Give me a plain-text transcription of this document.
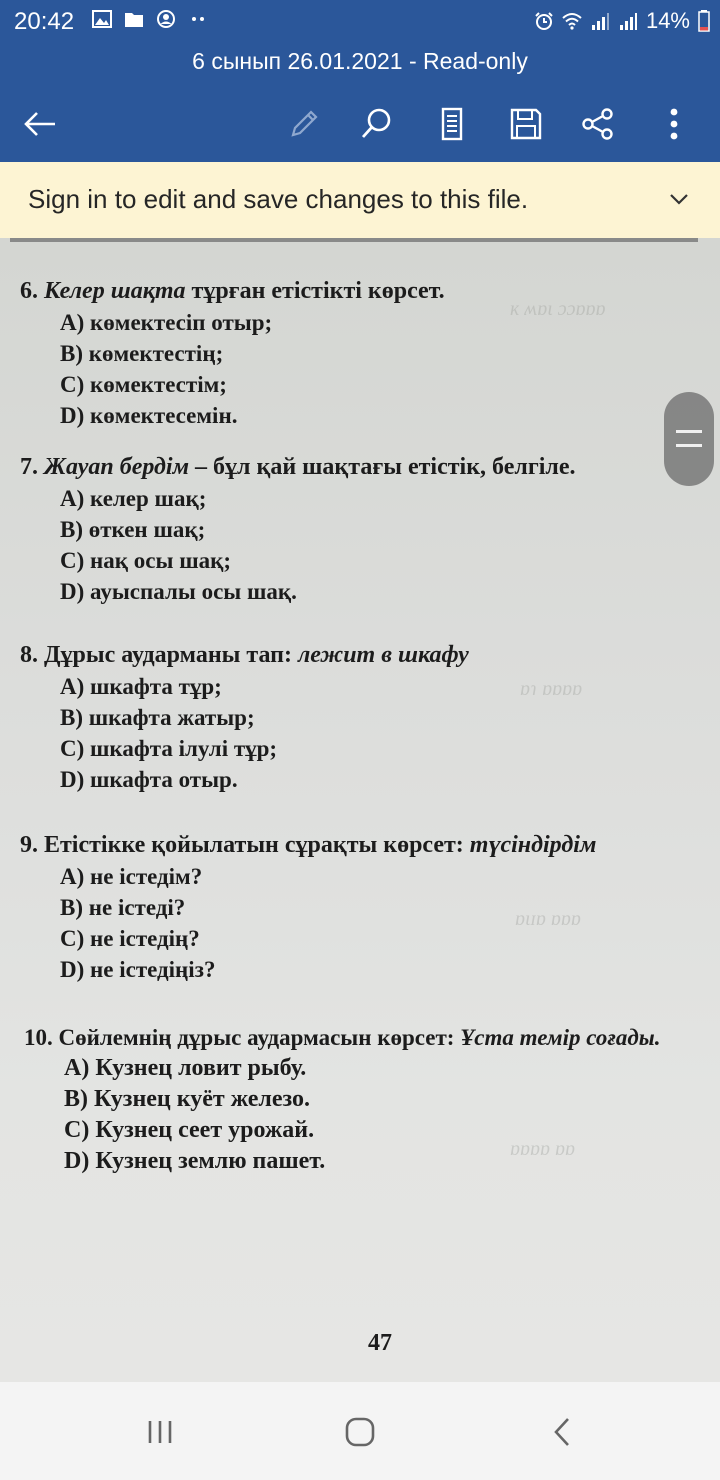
20:42	14%
6 сынып 26.01.2021 - Read-only
Sign in to edit and save changes to this file.
ĸ ʍɒɩ ɔɔɒɒɒ
ɒɿ ɒɒɒɒ
ɒɩɪɒ ɒɒɒ
ɒɒɒɒ ɒɒ
6. Келер шақта тұрған етістікті көрсет.
A) көмектесіп отыр;
B) көмектестің;
C) көмектестім;
D) көмектесемін.
7. Жауап бердім – бұл қай шақтағы етістік, белгіле.
A) келер шақ;
B) өткен шақ;
C) нақ осы шақ;
D) ауыспалы осы шақ.
8. Дұрыс аударманы тап: лежит в шкафу
A) шкафта тұр;
B) шкафта жатыр;
C) шкафта ілулі тұр;
D) шкафта отыр.
9. Етістікке қойылатын сұрақты көрсет: түсіндірдім
A) не істедім?
B) не істеді?
C) не істедің?
D) не істедіңіз?
10. Сөйлемнің дұрыс аудармасын көрсет: Ұста темір соғады.
A) Кузнец ловит рыбу.
B) Кузнец куёт железо.
C) Кузнец сеет урожай.
D) Кузнец землю пашет.
47
